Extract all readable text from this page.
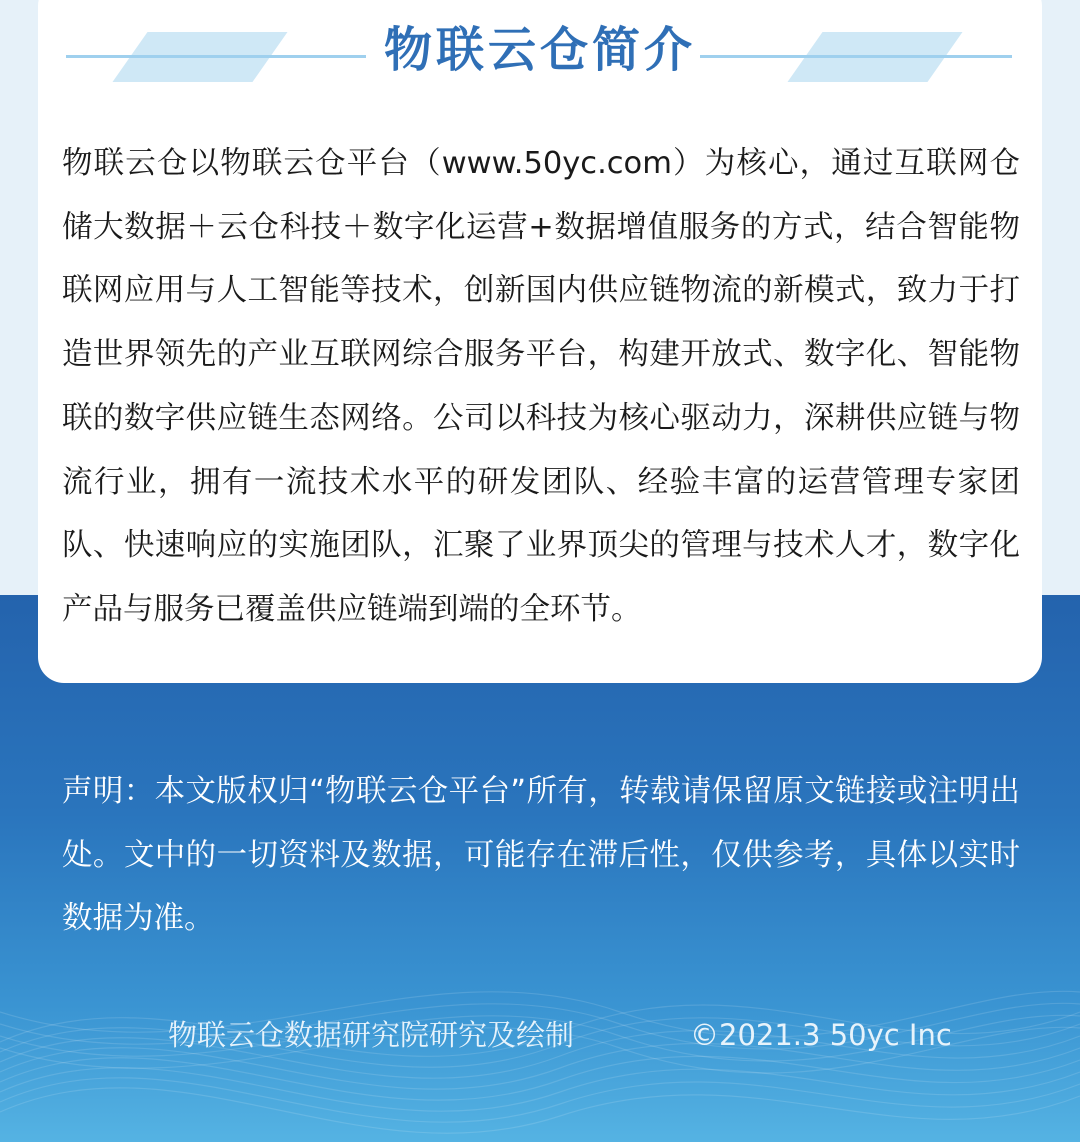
物联云仓简介

物联云仓以物联云仓平台（www.50yc.com）为核心，通过互联网仓储大数据＋云仓科技＋数字化运营+数据增值服务的方式，结合智能物联网应用与人工智能等技术，创新国内供应链物流的新模式，致力于打造世界领先的产业互联网综合服务平台，构建开放式、数字化、智能物联的数字供应链生态网络。公司以科技为核心驱动力，深耕供应链与物流行业，拥有一流技术水平的研发团队、经验丰富的运营管理专家团队、快速响应的实施团队，汇聚了业界顶尖的管理与技术人才，数字化产品与服务已覆盖供应链端到端的全环节。

声明：本文版权归“物联云仓平台”所有，转载请保留原文链接或注明出处。文中的一切资料及数据，可能存在滞后性，仅供参考，具体以实时数据为准。

物联云仓数据研究院研究及绘制	©2021.3 50yc Inc
